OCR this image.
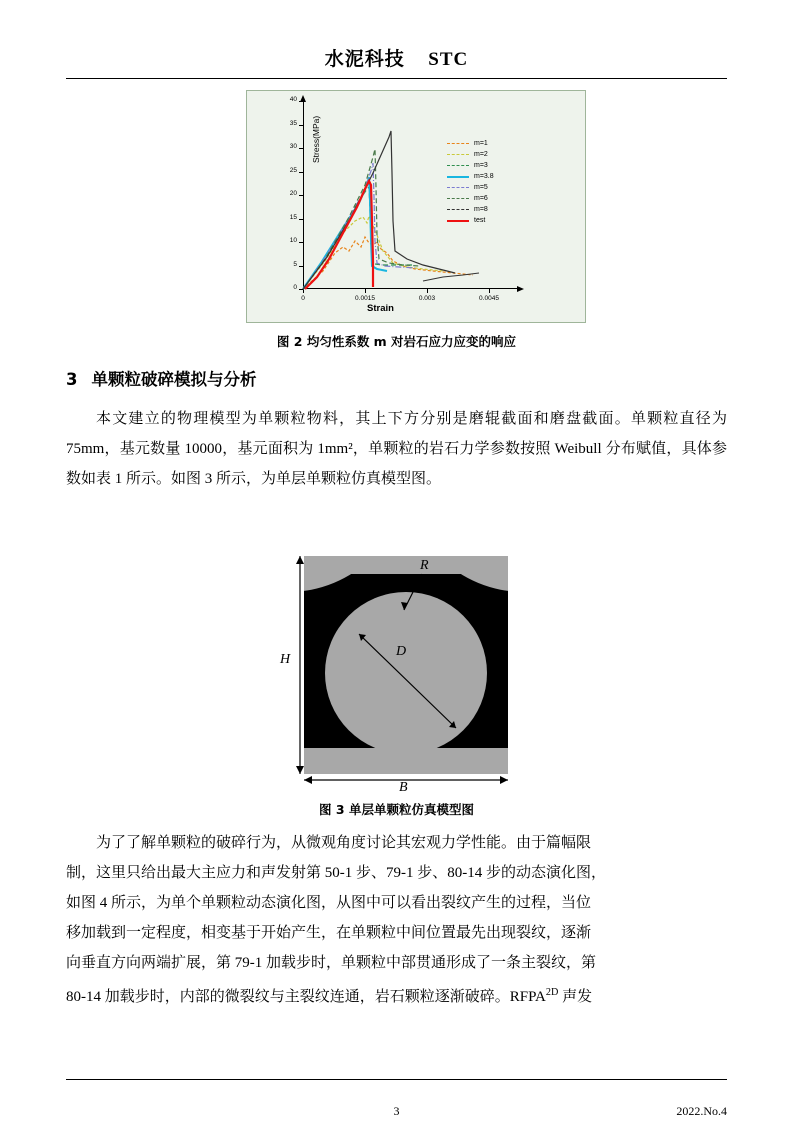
水泥科技 STC
0
5
10
15
20
25
30
35
40
0	0.0015	0.003	0.0045
Stress(MPa)
Strain
m=1
m=2
m=3
m=3.8
m=5
m=6
m=8
test
图 2 均匀性系数 m 对岩石应力应变的响应
3 单颗粒破碎模拟与分析
本文建立的物理模型为单颗粒物料，其上下方分别是磨辊截面和磨盘截面。单颗粒直径为 75mm，基元数量 10000，基元面积为 1mm²，单颗粒的岩石力学参数按照 Weibull 分布赋值，具体参数如表 1 所示。如图 3 所示，为单层单颗粒仿真模型图。
R
D
H
B
图 3 单层单颗粒仿真模型图
为了了解单颗粒的破碎行为，从微观角度讨论其宏观力学性能。由于篇幅限
制，这里只给出最大主应力和声发射第 50-1 步、79-1 步、80-14 步的动态演化图，
如图 4 所示，为单个单颗粒动态演化图，从图中可以看出裂纹产生的过程，当位
移加载到一定程度，相变基于开始产生，在单颗粒中间位置最先出现裂纹，逐渐
向垂直方向两端扩展，第 79-1 加载步时，单颗粒中部贯通形成了一条主裂纹，第
80-14 加载步时，内部的微裂纹与主裂纹连通，岩石颗粒逐渐破碎。$RFPA^{2D}$ 声发
3	2022.No.4
